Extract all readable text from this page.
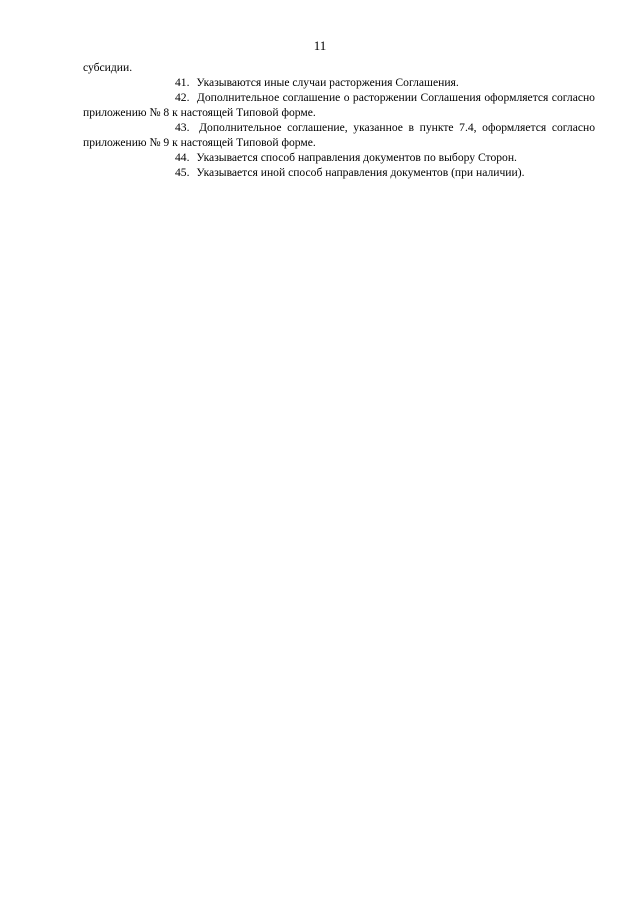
11

субсидии.

41. Указываются иные случаи расторжения Соглашения.

42. Дополнительное соглашение о расторжении Соглашения оформляется согласно приложению № 8 к настоящей Типовой форме.

43. Дополнительное соглашение, указанное в пункте 7.4, оформляется согласно приложению № 9 к настоящей Типовой форме.

44. Указывается способ направления документов по выбору Сторон.

45. Указывается иной способ направления документов (при наличии).
